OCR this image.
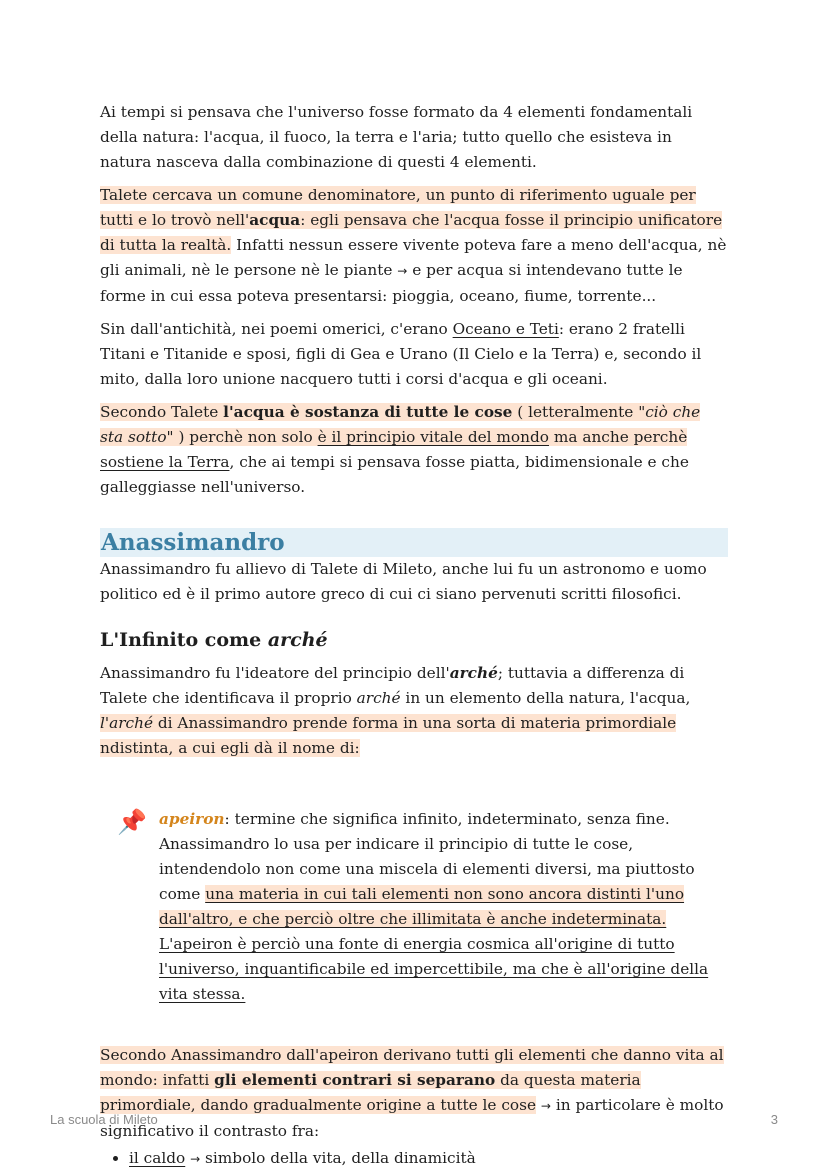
Ai tempi si pensava che l'universo fosse formato da 4 elementi fondamentali della natura: l'acqua, il fuoco, la terra e l'aria; tutto quello che esisteva in natura nasceva dalla combinazione di questi 4 elementi.

Talete cercava un comune denominatore, un punto di riferimento uguale per tutti e lo trovò nell'acqua: egli pensava che l'acqua fosse il principio unificatore di tutta la realtà. Infatti nessun essere vivente poteva fare a meno dell'acqua, nè gli animali, nè le persone nè le piante → e per acqua si intendevano tutte le forme in cui essa poteva presentarsi: pioggia, oceano, fiume, torrente...

Sin dall'antichità, nei poemi omerici, c'erano Oceano e Teti: erano 2 fratelli Titani e Titanide e sposi, figli di Gea e Urano (Il Cielo e la Terra) e, secondo il mito, dalla loro unione nacquero tutti i corsi d'acqua e gli oceani.

Secondo Talete l'acqua è sostanza di tutte le cose ( letteralmente "ciò che sta sotto" ) perchè non solo è il principio vitale del mondo ma anche perchè sostiene la Terra, che ai tempi si pensava fosse piatta, bidimensionale e che galleggiasse nell'universo.

Anassimandro

Anassimandro fu allievo di Talete di Mileto, anche lui fu un astronomo e uomo politico ed è il primo autore greco di cui ci siano pervenuti scritti filosofici.

L'Infinito come arché

Anassimandro fu l'ideatore del principio dell'arché; tuttavia a differenza di Talete che identificava il proprio arché in un elemento della natura, l'acqua, l'arché di Anassimandro prende forma in una sorta di materia primordiale ndistinta, a cui egli dà il nome di:

📌 apeiron: termine che significa infinito, indeterminato, senza fine. Anassimandro lo usa per indicare il principio di tutte le cose, intendendolo non come una miscela di elementi diversi, ma piuttosto come una materia in cui tali elementi non sono ancora distinti l'uno dall'altro, e che perciò oltre che illimitata è anche indeterminata. L'apeiron è perciò una fonte di energia cosmica all'origine di tutto l'universo, inquantificabile ed impercettibile, ma che è all'origine della vita stessa.

Secondo Anassimandro dall'apeiron derivano tutti gli elementi che danno vita al mondo: infatti gli elementi contrari si separano da questa materia primordiale, dando gradualmente origine a tutte le cose → in particolare è molto significativo il contrasto fra:

• il caldo → simbolo della vita, della dinamicità
La scuola di Mileto	3
